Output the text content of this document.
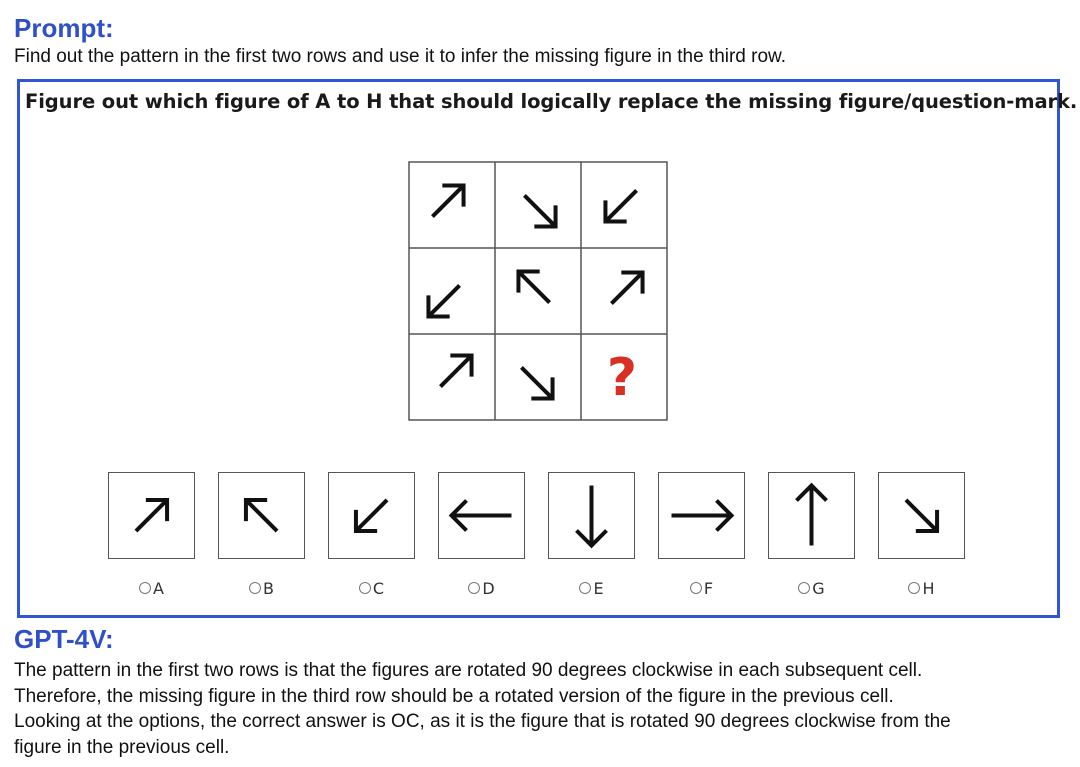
Prompt:

Find out the pattern in the first two rows and use it to infer the missing figure in the third row.

Figure out which figure of A to H that should logically replace the missing figure/question-mark.

?
A	B	C	D	E	F	G	H
GPT-4V:
The pattern in the first two rows is that the figures are rotated 90 degrees clockwise in each subsequent cell.
Therefore, the missing figure in the third row should be a rotated version of the figure in the previous cell.
Looking at the options, the correct answer is OC, as it is the figure that is rotated 90 degrees clockwise from the
figure in the previous cell.
